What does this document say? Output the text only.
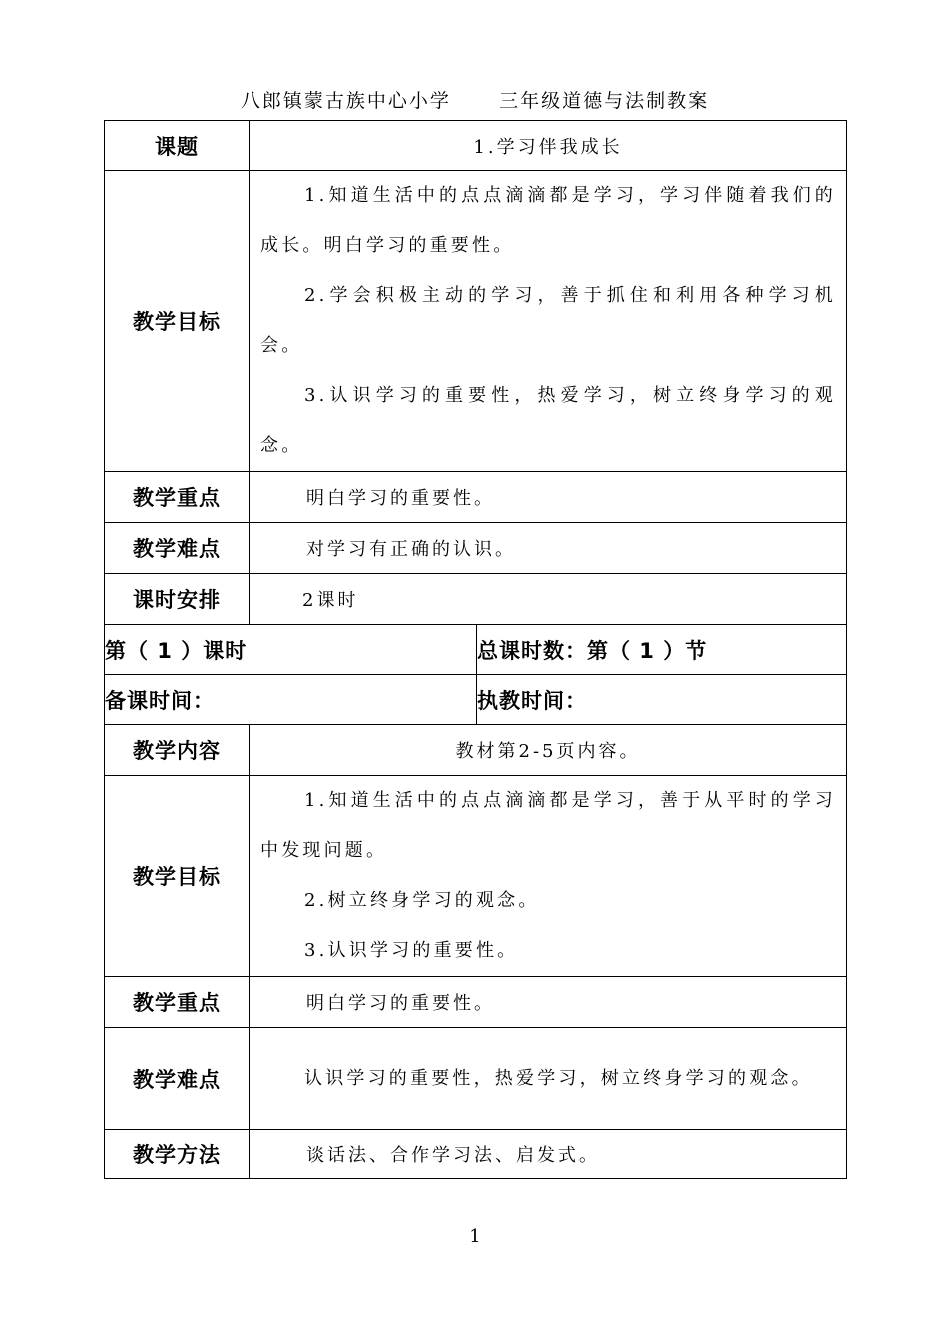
八郎镇蒙古族中心小学	三年级道德与法制教案
课题	1.学习伴我成长	
教学目标	1.知道生活中的点点滴滴都是学习，学习伴随着我们的成长。明白学习的重要性。
2.学会积极主动的学习，善于抓住和利用各种学习机会。
3.认识学习的重要性，热爱学习，树立终身学习的观念。	

教学重点	明白学习的重要性。	
教学难点	对学习有正确的认识。	
课时安排	2课时	
第（ 1 ）课时		总课时数：第（ 1 ）节
备课时间：		执教时间：
教学内容	教材第2-5页内容。	
教学目标	1.知道生活中的点点滴滴都是学习，善于从平时的学习中发现问题。
2.树立终身学习的观念。
3.认识学习的重要性。	

教学重点	明白学习的重要性。	
教学难点	认识学习的重要性，热爱学习，树立终身学习的观念。	

教学方法	谈话法、合作学习法、启发式。	
1
